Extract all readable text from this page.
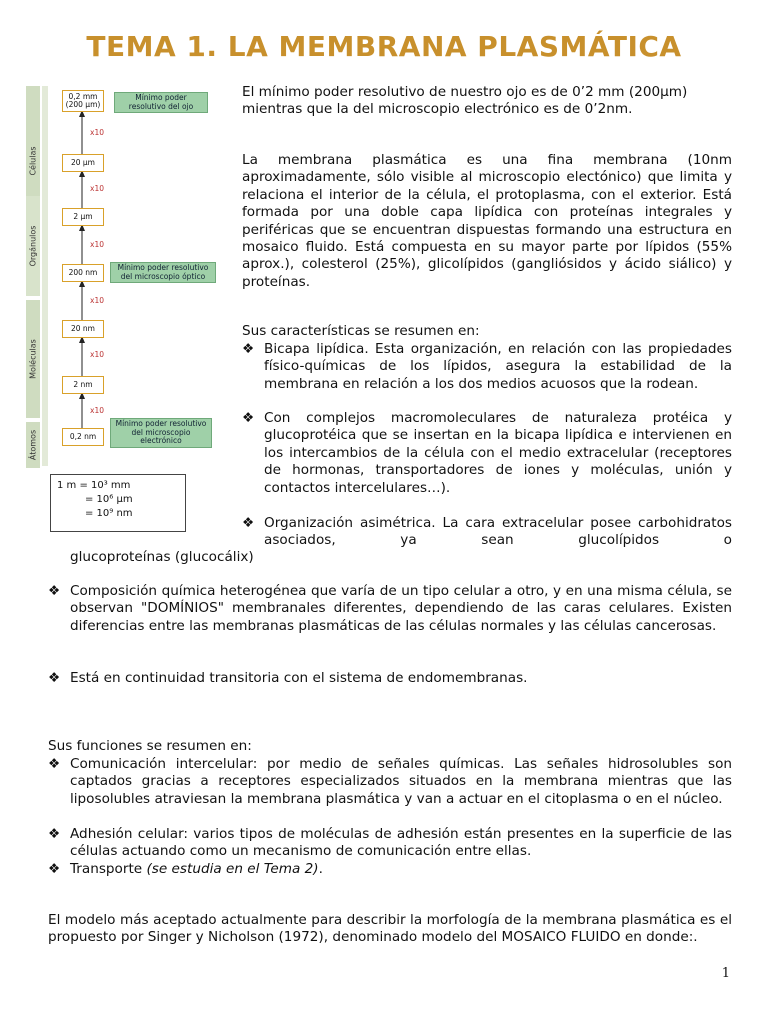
TEMA 1. LA MEMBRANA PLASMÁTICA
Células
Orgánulos
Moléculas
Átomos
0,2 mm (200 µm)
20 µm
2 µm
200 nm
20 nm
2 nm
0,2 nm
x10
x10
x10
x10
x10
x10
Mínimo poder resolutivo del ojo
Mínimo poder resolutivo del microscopio óptico
Mínimo poder resolutivo del microscopio electrónico
1 m = 10³ mm
= 10⁶ µm
= 10⁹ nm
El mínimo poder resolutivo de nuestro ojo es de 0’2 mm (200µm) mientras que la del microscopio electrónico es de 0’2nm.
La membrana plasmática es una fina membrana (10nm aproximadamente, sólo visible al microscopio electónico) que limita y relaciona el interior de la célula, el protoplasma, con el exterior. Está formada por una doble capa lipídica con proteínas integrales y periféricas que se encuentran dispuestas formando una estructura en mosaico fluido. Está compuesta en su mayor parte por lípidos (55% aprox.), colesterol (25%), glicolípidos (gangliósidos y ácido siálico) y proteínas.
Sus características se resumen en:
❖ Bicapa lipídica. Esta organización, en relación con las propiedades físico-químicas de los lípidos, asegura la estabilidad de la membrana en relación a los dos medios acuosos que la rodean.
❖ Con complejos macromoleculares de naturaleza protéica y glucoprotéica que se insertan en la bicapa lipídica e intervienen en los intercambios de la célula con el medio extracelular (receptores de hormonas, transportadores de iones y moléculas, unión y contactos intercelulares…).
❖ Organización asimétrica. La cara extracelular posee carbohidratos asociados, ya sean glucolípidos o
glucoproteínas (glucocálix)
❖ Composición química heterogénea que varía de un tipo celular a otro, y en una misma célula, se observan "DOMÍNIOS" membranales diferentes, dependiendo de las caras celulares. Existen diferencias entre las membranas plasmáticas de las células normales y las células cancerosas.
❖ Está en continuidad transitoria con el sistema de endomembranas.
Sus funciones se resumen en:
❖ Comunicación intercelular: por medio de señales químicas. Las señales hidrosolubles son captados gracias a receptores especializados situados en la membrana mientras que las liposolubles atraviesan la membrana plasmática y van a actuar en el citoplasma o en el núcleo.
❖ Adhesión celular: varios tipos de moléculas de adhesión están presentes en la superficie de las células actuando como un mecanismo de comunicación entre ellas.
❖ Transporte (se estudia en el Tema 2).
El modelo más aceptado actualmente para describir la morfología de la membrana plasmática es el propuesto por Singer y Nicholson (1972), denominado modelo del MOSAICO FLUIDO en donde:.
1
